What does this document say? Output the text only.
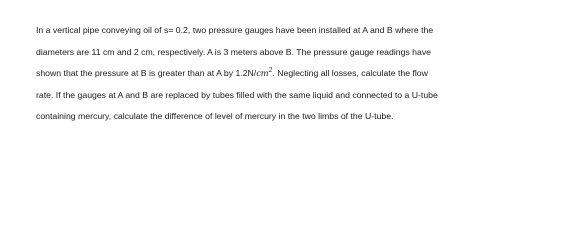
In a vertical pipe conveying oil of s= 0.2, two pressure gauges have been installed at A and B where the
diameters are 11 cm and 2 cm, respectively. A is 3 meters above B. The pressure gauge readings have
shown that the pressure at B is greater than at A by $1.2N/cm^2$. Neglecting all losses, calculate the flow
rate. If the gauges at A and B are replaced by tubes filled with the same liquid and connected to a U-tube
containing mercury, calculate the difference of level of mercury in the two limbs of the U-tube.
